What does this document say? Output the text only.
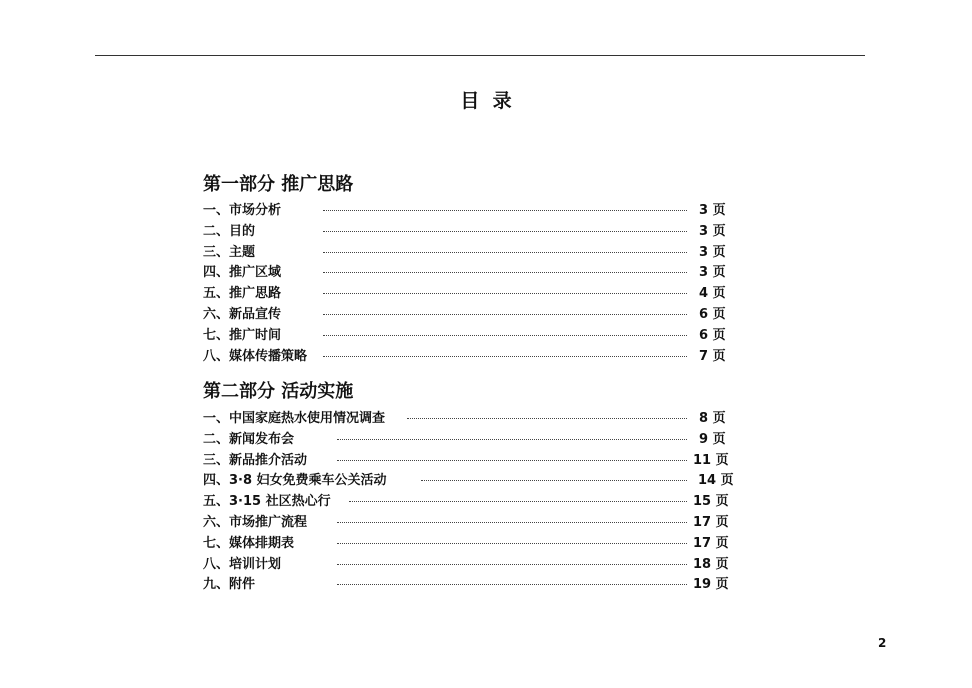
目  录
第一部分 推广思路
一、市场分析	3 页
二、目的	3 页
三、主题	3 页
四、推广区域	3 页
五、推广思路	4 页
六、新品宣传	6 页
七、推广时间	6 页
八、媒体传播策略	7 页
第二部分 活动实施
一、中国家庭热水使用情况调查	8 页
二、新闻发布会	9 页
三、新品推介活动	11 页
四、3·8 妇女免费乘车公关活动	14 页
五、3·15 社区热心行	15 页
六、市场推广流程	17 页
七、媒体排期表	17 页
八、培训计划	18 页
九、附件	19 页
2
